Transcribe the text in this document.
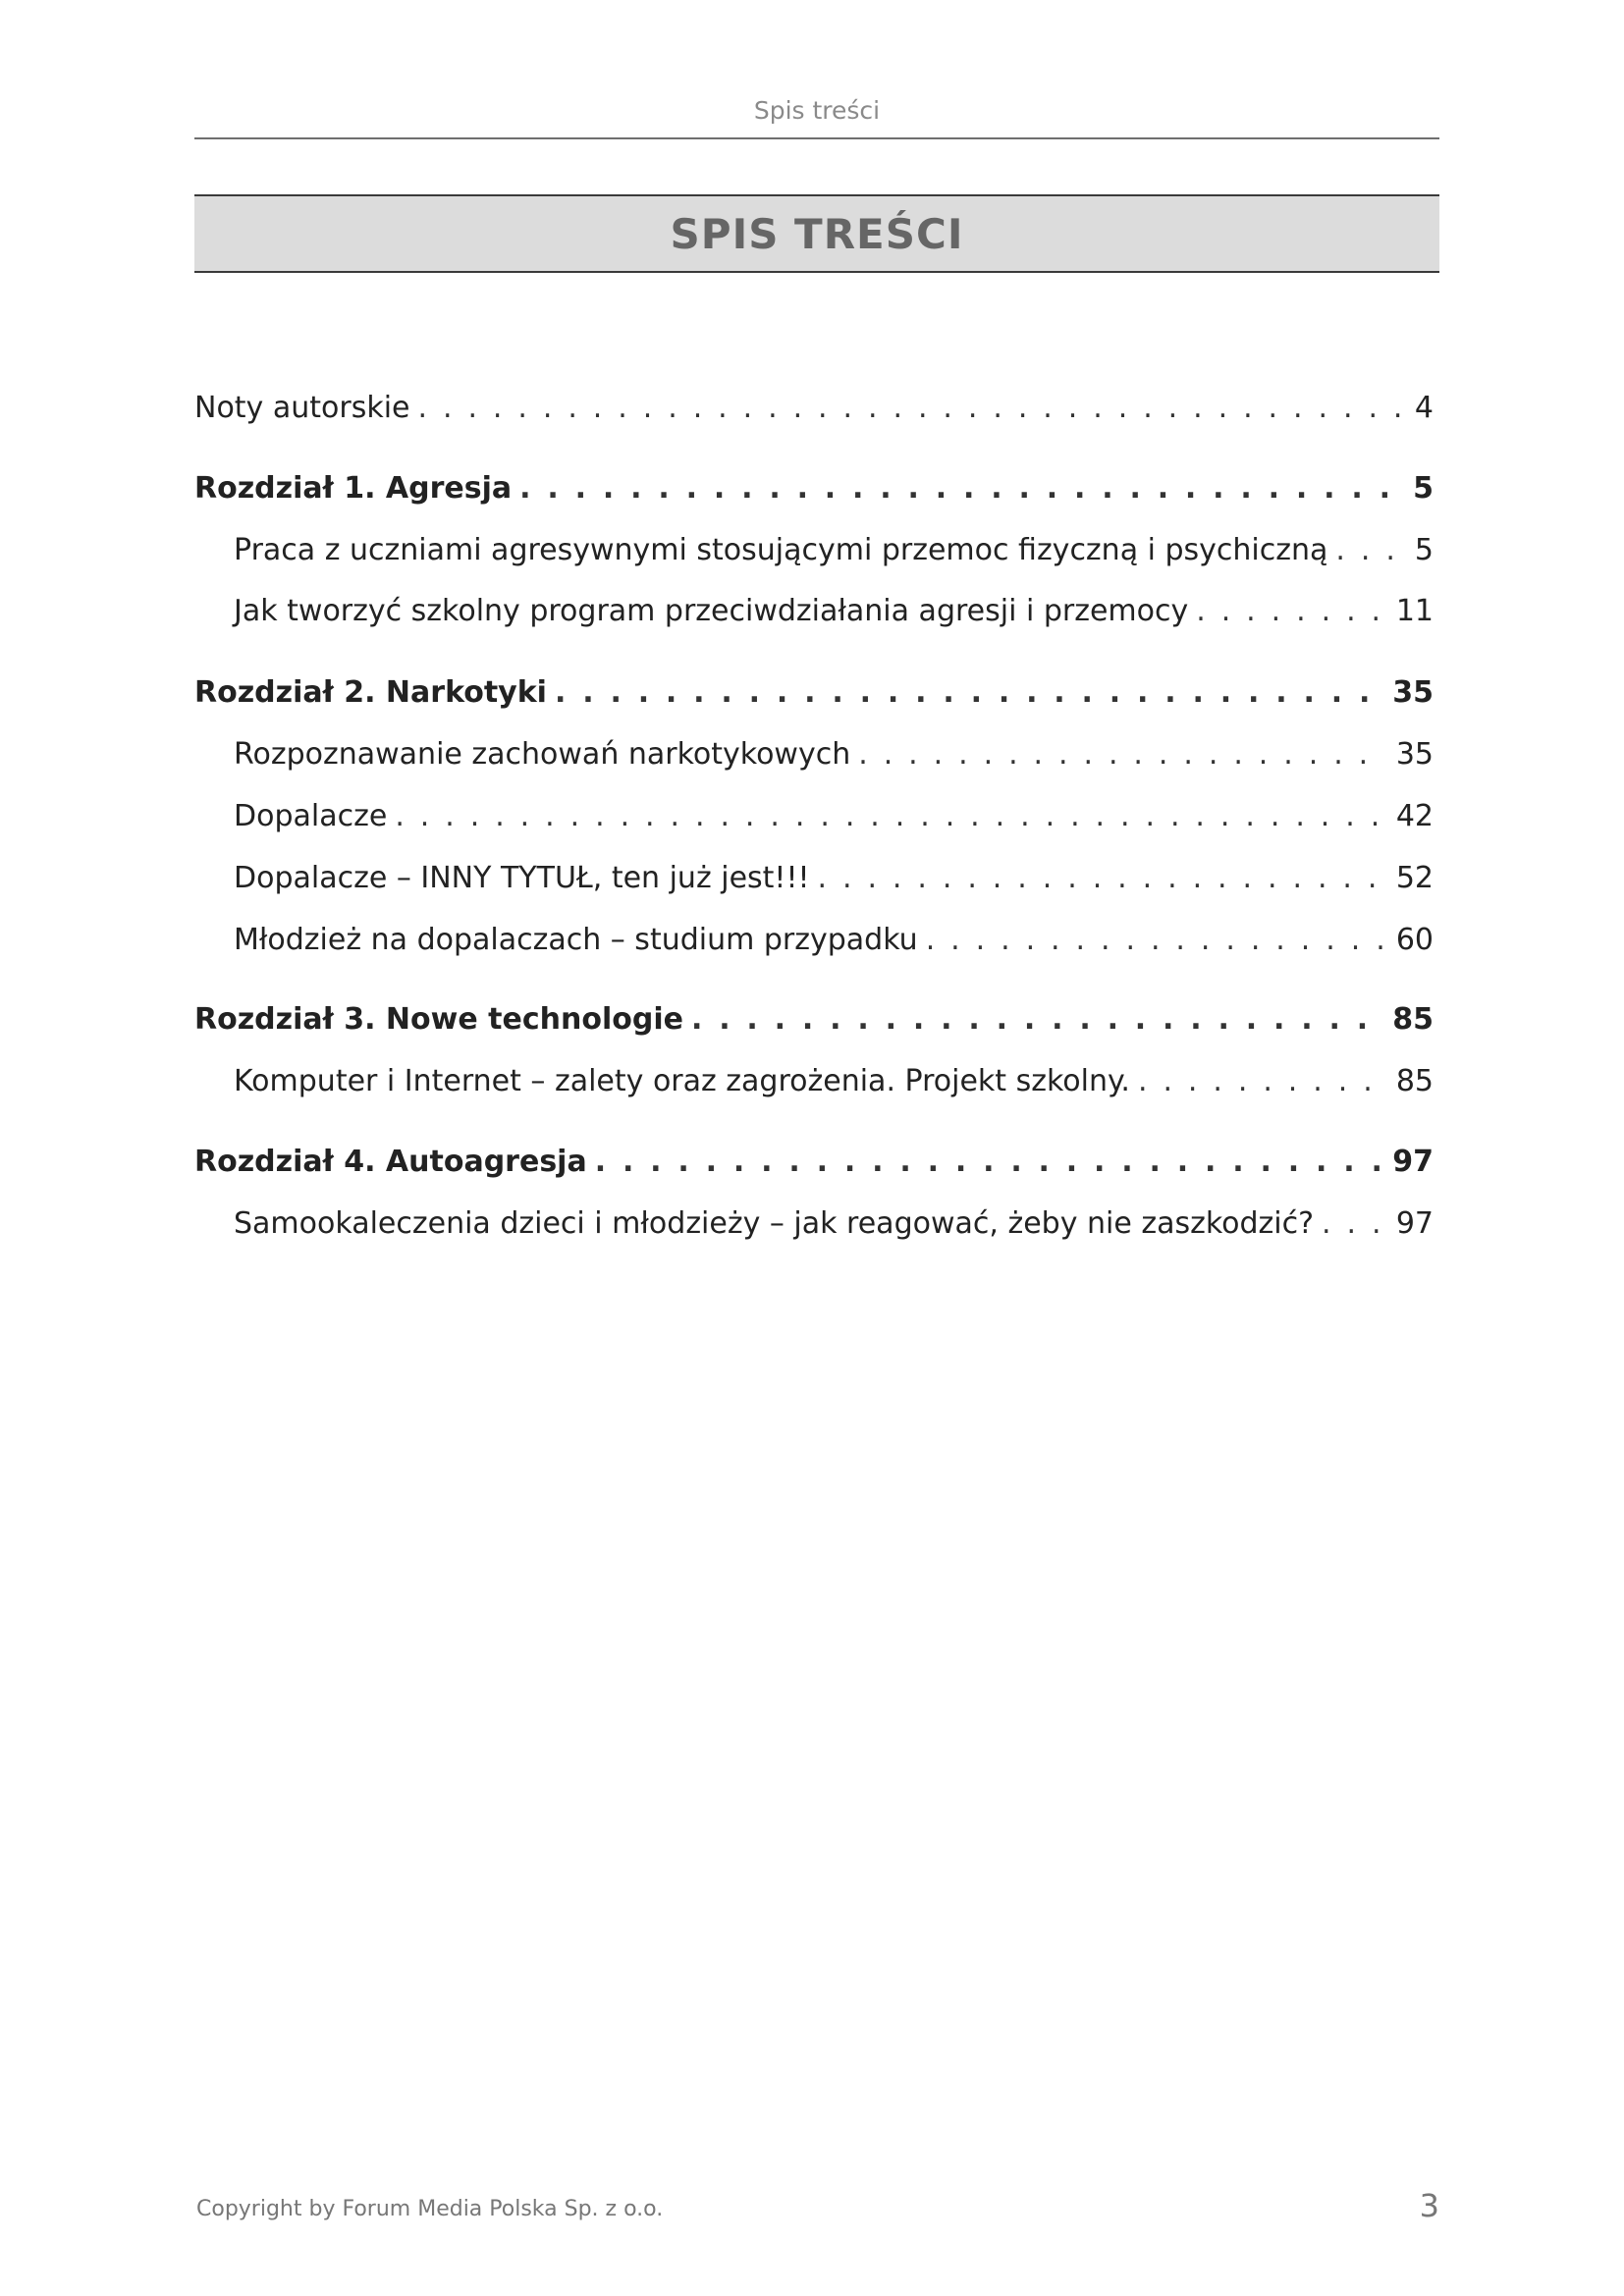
Spis treści
SPIS TREŚCI
Noty autorskie . . .	4
Rozdział 1. Agresja . . .	5
Praca z uczniami agresywnymi stosującymi przemoc fizyczną i psychiczną . . .	5
Jak tworzyć szkolny program przeciwdziałania agresji i przemocy . . .	11
Rozdział 2. Narkotyki . . .	35
Rozpoznawanie zachowań narkotykowych . . .	35
Dopalacze . . .	42
Dopalacze – INNY TYTUŁ, ten już jest!!! . . .	52
Młodzież na dopalaczach – studium przypadku . . .	60
Rozdział 3. Nowe technologie . . .	85
Komputer i Internet – zalety oraz zagrożenia. Projekt szkolny. . . .	85
Rozdział 4. Autoagresja . . .	97
Samookaleczenia dzieci i młodzieży – jak reagować, żeby nie zaszkodzić? . . .	97
Copyright by Forum Media Polska Sp. z o.o.	3
